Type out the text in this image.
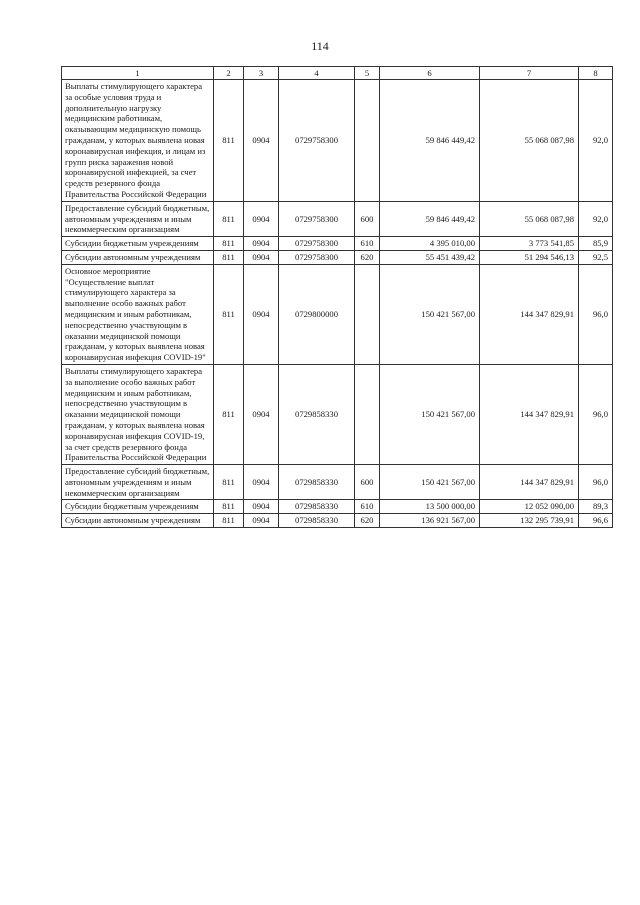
114
1	2	3	4	5	6	7	8
Выплаты стимулирующего характера за особые условия труда и дополнительную нагрузку медицинским работникам, оказывающим медицинскую помощь гражданам, у которых выявлена новая коронавирусная инфекция, и лицам из групп риска заражения новой коронавирусной инфекцией, за счет средств резервного фонда Правительства Российской Федерации	811	0904	0729758300		59 846 449,42	55 068 087,98	92,0
Предоставление субсидий бюджетным, автономным учреждениям и иным некоммерческим организациям	811	0904	0729758300	600	59 846 449,42	55 068 087,98	92,0
Субсидии бюджетным учреждениям	811	0904	0729758300	610	4 395 010,00	3 773 541,85	85,9
Субсидии автономным учреждениям	811	0904	0729758300	620	55 451 439,42	51 294 546,13	92,5
Основное мероприятие "Осуществление выплат стимулирующего характера за выполнение особо важных работ медицинским и иным работникам, непосредственно участвующим в оказании медицинской помощи гражданам, у которых выявлена новая коронавирусная инфекция COVID-19"	811	0904	0729800000		150 421 567,00	144 347 829,91	96,0
Выплаты стимулирующего характера за выполнение особо важных работ медицинским и иным работникам, непосредственно участвующим в оказании медицинской помощи гражданам, у которых выявлена новая коронавирусная инфекция COVID-19, за счет средств резервного фонда Правительства Российской Федерации	811	0904	0729858330		150 421 567,00	144 347 829,91	96,0
Предоставление субсидий бюджетным, автономным учреждениям и иным некоммерческим организациям	811	0904	0729858330	600	150 421 567,00	144 347 829,91	96,0
Субсидии бюджетным учреждениям	811	0904	0729858330	610	13 500 000,00	12 052 090,00	89,3
Субсидии автономным учреждениям	811	0904	0729858330	620	136 921 567,00	132 295 739,91	96,6
